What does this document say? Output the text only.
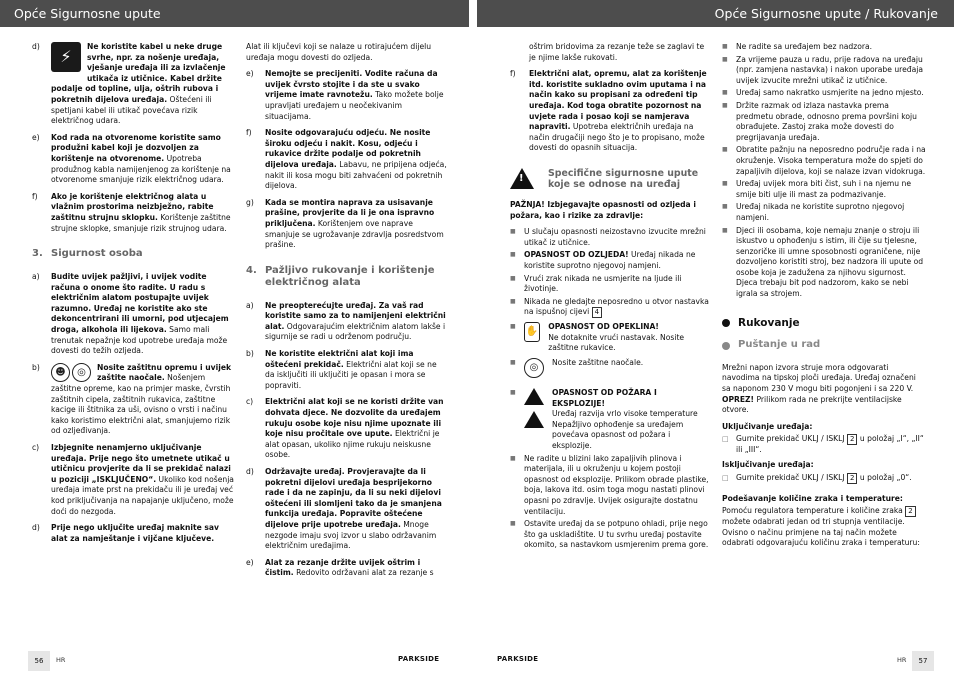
Opće Sigurnosne upute	Opće Sigurnosne upute / Rukovanje
d)
⚡
Ne koristite kabel u neke druge svrhe, npr. za nošenje uređaja, vješanje uređaja ili za izvlačenje utikača iz utičnice. Kabel držite podalje od topline, ulja, oštrih rubova i pokretnih dijelova uređaja. Oštećeni ili spetljani kabel ili utikač povećava rizik električnog udara.
e)	Kod rada na otvorenome koristite samo produžni kabel koji je dozvoljen za korištenje na otvorenome. Upotreba produžnog kabla namijenjenog za korištenje na otvorenome smanjuje rizik električnog udara.
f)	Ako je korištenje električnog alata u vlažnim prostorima neizbježno, rabite zaštitnu strujnu sklopku. Korištenje zaštitne strujne sklopke, smanjuje rizik strujnog udara.
3. Sigurnost osoba
a)	Budite uvijek pažljivi, i uvijek vodite računa o onome što radite. U radu s električnim alatom postupajte uvijek razumno. Uređaj ne koristite ako ste dekoncentrirani ili umorni, pod utjecajem droga, alkohola ili lijekova. Samo mali trenutak nepažnje kod upotrebe uređaja može dovesti do težih ozljeda.
b)	☻	◎	Nosite zaštitnu opremu i uvijek zaštite naočale. Nošenjem zaštitne opreme, kao na primjer maske, čvrstih zaštitnih cipela, zaštitnih rukavica, zaštitne kacige ili štitnika za uši, ovisno o vrsti i načinu kako koristimo električni alat, smanjujemo rizik od ozljeđivanja.
c)	Izbjegnite nenamjerno uključivanje uređaja. Prije nego što umetnete utikač u utičnicu provjerite da li se prekidač nalazi u poziciji „ISKLJUČENO“. Ukoliko kod nošenja uređaja imate prst na prekidaču ili je uređaj već kod priključivanja na napajanje uključeno, može doći do nezgoda.
d)	Prije nego uključite uređaj maknite sav alat za namještanje i vijčane ključeve.

Alat ili ključevi koji se nalaze u rotirajućem dijelu uređaja mogu dovesti do ozljeda.

e)	Nemojte se precijeniti. Vodite računa da uvijek čvrsto stojite i da ste u svako vrijeme imate ravnotežu. Tako možete bolje upravljati uređajem u neočekivanim situacijama.
f)	Nosite odgovarajuću odjeću. Ne nosite široku odjeću i nakit. Kosu, odjeću i rukavice držite podalje od pokretnih dijelova uređaja. Labavu, ne pripijena odjeća, nakit ili kosa mogu biti zahvaćeni od pokretnih dijelova.
g)	Kada se montira naprava za usisavanje prašine, provjerite da li je ona ispravno priključena. Korištenjem ove naprave smanjuje se ugrožavanje zdravlja posredstvom prašine.
4. Pažljivo rukovanje i korištenje električnog alata
a)	Ne preopterećujte uređaj. Za vaš rad koristite samo za to namijenjeni električni alat. Odgovarajućim električnim alatom lakše i sigurnije se radi u održenom području.
b)	Ne koristite električni alat koji ima oštećeni prekidač. Električni alat koji se ne da isključiti ili uključiti je opasan i mora se popraviti.
c)	Električni alat koji se ne koristi držite van dohvata djece. Ne dozvolite da uređajem rukuju osobe koje nisu njime upoznate ili koje nisu pročitale ove upute. Električni je alat opasan, ukoliko njime rukuju neiskusne osobe.
d)	Održavajte uređaj. Provjeravajte da li pokretni dijelovi uređaja besprijekorno rade i da ne zapinju, da li su neki dijelovi oštećeni ili slomljeni tako da je smanjena funkcija uređaja. Popravite oštećene dijelove prije upotrebe uređaja. Mnoge nezgode imaju svoj izvor u slabo održavanim električnim uređajima.
e)	Alat za rezanje držite uvijek oštrim i čistim. Redovito održavani alat za rezanje s

oštrim bridovima za rezanje teže se zaglavi te je njime lakše rukovati.

f)	Električni alat, opremu, alat za korištenje itd. koristite sukladno ovim uputama i na način kako su propisani za određeni tip uređaja. Kod toga obratite pozornost na uvjete rada i posao koji se namjerava napraviti. Upotreba električnih uređaja na način drugačiji nego što je to propisano, može dovesti do opasnih situacija.
!	Specifične sigurnosne upute koje se odnose na uređaj

PAŽNJA! Izbjegavajte opasnosti od ozljeda i požara, kao i rizike za zdravlje:

■	U slučaju opasnosti neizostavno izvucite mrežni utikač iz utičnice.
■	OPASNOST OD OZLJEDA! Uređaj nikada ne koristite suprotno njegovoj namjeni.
■	Vrući zrak nikada ne usmjerite na ljude ili životinje.
■	Nikada ne gledajte neposredno u otvor nastavka na ispušnoj cijevi 4
■	✋ OPASNOST OD OPEKLINA!
Ne dotaknite vrući nastavak. Nosite zaštitne rukavice.
■	◎	Nosite zaštitne naočale.
■	OPASNOST OD POŽARA I EKSPLOZIJE!
Uređaj razvija vrlo visoke temperature Nepažljivo ophođenje sa uređajem povećava opasnost od požara i eksplozije.
■	Ne radite u blizini lako zapaljivih plinova i materijala, ili u okruženju u kojem postoji opasnost od eksplozije. Prilikom obrade plastike, boja, lakova itd. osim toga mogu nastati plinovi opasni po zdravlje. Uvijek osigurajte dostatnu ventilaciju.
■	Ostavite uređaj da se potpuno ohladi, prije nego što ga uskladištite. U tu svrhu uređaj postavite okomito, sa nastavkom usmjerenim prema gore.
■	Ne radite sa uređajem bez nadzora.
■	Za vrijeme pauza u radu, prije radova na uređaju (npr. zamjena nastavka) i nakon uporabe uređaja uvijek izvucite mrežni utikač iz utičnice.
■	Uređaj samo nakratko usmjerite na jedno mjesto.
■	Držite razmak od izlaza nastavka prema predmetu obrade, odnosno prema površini koju obrađujete. Zastoj zraka može dovesti do pregrijavanja uređaja.
■	Obratite pažnju na neposredno područje rada i na okruženje. Visoka temperatura može do spjeti do zapaljivih dijelova, koji se nalaze izvan vidokruga.
■	Uređaj uvijek mora biti čist, suh i na njemu ne smije biti ulje ili mast za podmazivanje.
■	Uređaj nikada ne koristite suprotno njegovoj namjeni.
■	Djeci ili osobama, koje nemaju znanje o stroju ili iskustvo u ophođenju s istim, ili čije su tjelesne, senzoričke ili umne sposobnosti ograničene, nije dozvoljeno koristiti stroj, bez nadzora ili upute od osobe koja je zadužena za njihovu sigurnost. Djeca trebaju bit pod nadzorom, kako se nebi igrala sa strojem.
Rukovanje
Puštanje u rad

Mrežni napon izvora struje mora odgovarati navodima na tipskoj ploči uređaja. Uređaj označeni sa naponom 230 V mogu biti pogonjeni i sa 220 V.
OPREZ! Prilikom rada ne prekrijte ventilacijske otvore.

Uključivanje uređaja:

□ Gurnite prekidač UKLJ / ISKLJ 2 u položaj „I“, „II“ ili „III“.

Isključivanje uređaja:

□ Gurnite prekidač UKLJ / ISKLJ 2 u položaj „0“.

Podešavanje količine zraka i temperature:

Pomoću regulatora temperature i količine zraka 2 možete odabrati jedan od tri stupnja ventilacije. Ovisno o načinu primjene na taj način možete odabrati odgovarajuću količinu zraka i temperaturu:

56	HR	PARKSIDE	PARKSIDE	HR	57
